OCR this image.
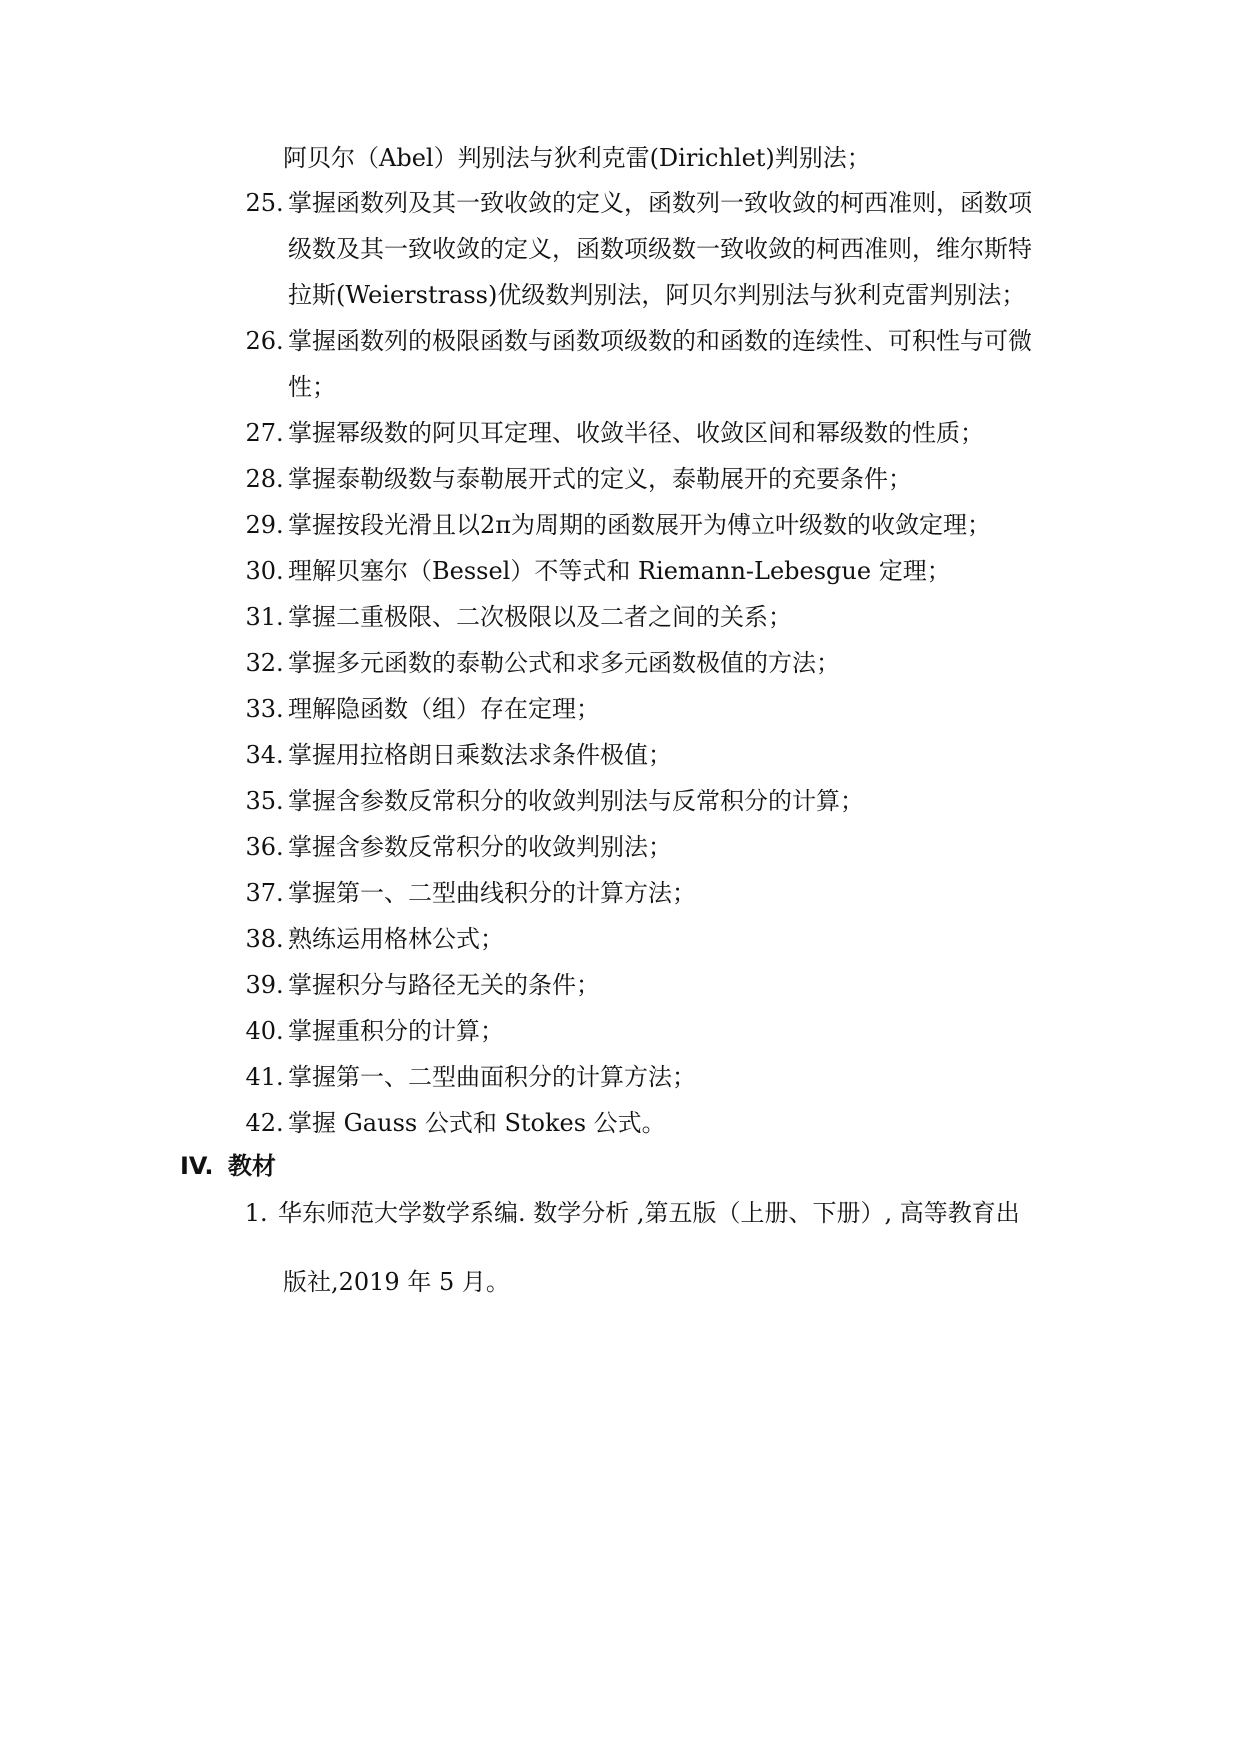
阿贝尔（Abel）判别法与狄利克雷(Dirichlet)判别法；
25. 掌握函数列及其一致收敛的定义，函数列一致收敛的柯西准则，函数项
级数及其一致收敛的定义，函数项级数一致收敛的柯西准则，维尔斯特
拉斯(Weierstrass)优级数判别法，阿贝尔判别法与狄利克雷判别法；
26. 掌握函数列的极限函数与函数项级数的和函数的连续性、可积性与可微
性；
27. 掌握幂级数的阿贝耳定理、收敛半径、收敛区间和幂级数的性质；
28. 掌握泰勒级数与泰勒展开式的定义，泰勒展开的充要条件；
29. 掌握按段光滑且以2π为周期的函数展开为傅立叶级数的收敛定理；
30. 理解贝塞尔（Bessel）不等式和 Riemann-Lebesgue 定理；
31. 掌握二重极限、二次极限以及二者之间的关系；
32. 掌握多元函数的泰勒公式和求多元函数极值的方法；
33. 理解隐函数（组）存在定理；
34. 掌握用拉格朗日乘数法求条件极值；
35. 掌握含参数反常积分的收敛判别法与反常积分的计算；
36. 掌握含参数反常积分的收敛判别法；
37. 掌握第一、二型曲线积分的计算方法；
38. 熟练运用格林公式；
39. 掌握积分与路径无关的条件；
40. 掌握重积分的计算；
41. 掌握第一、二型曲面积分的计算方法；
42. 掌握 Gauss 公式和 Stokes 公式。
IV. 教材
1. 华东师范大学数学系编. 数学分析 ,第五版（上册、下册）, 高等教育出
版社,2019 年 5 月。
